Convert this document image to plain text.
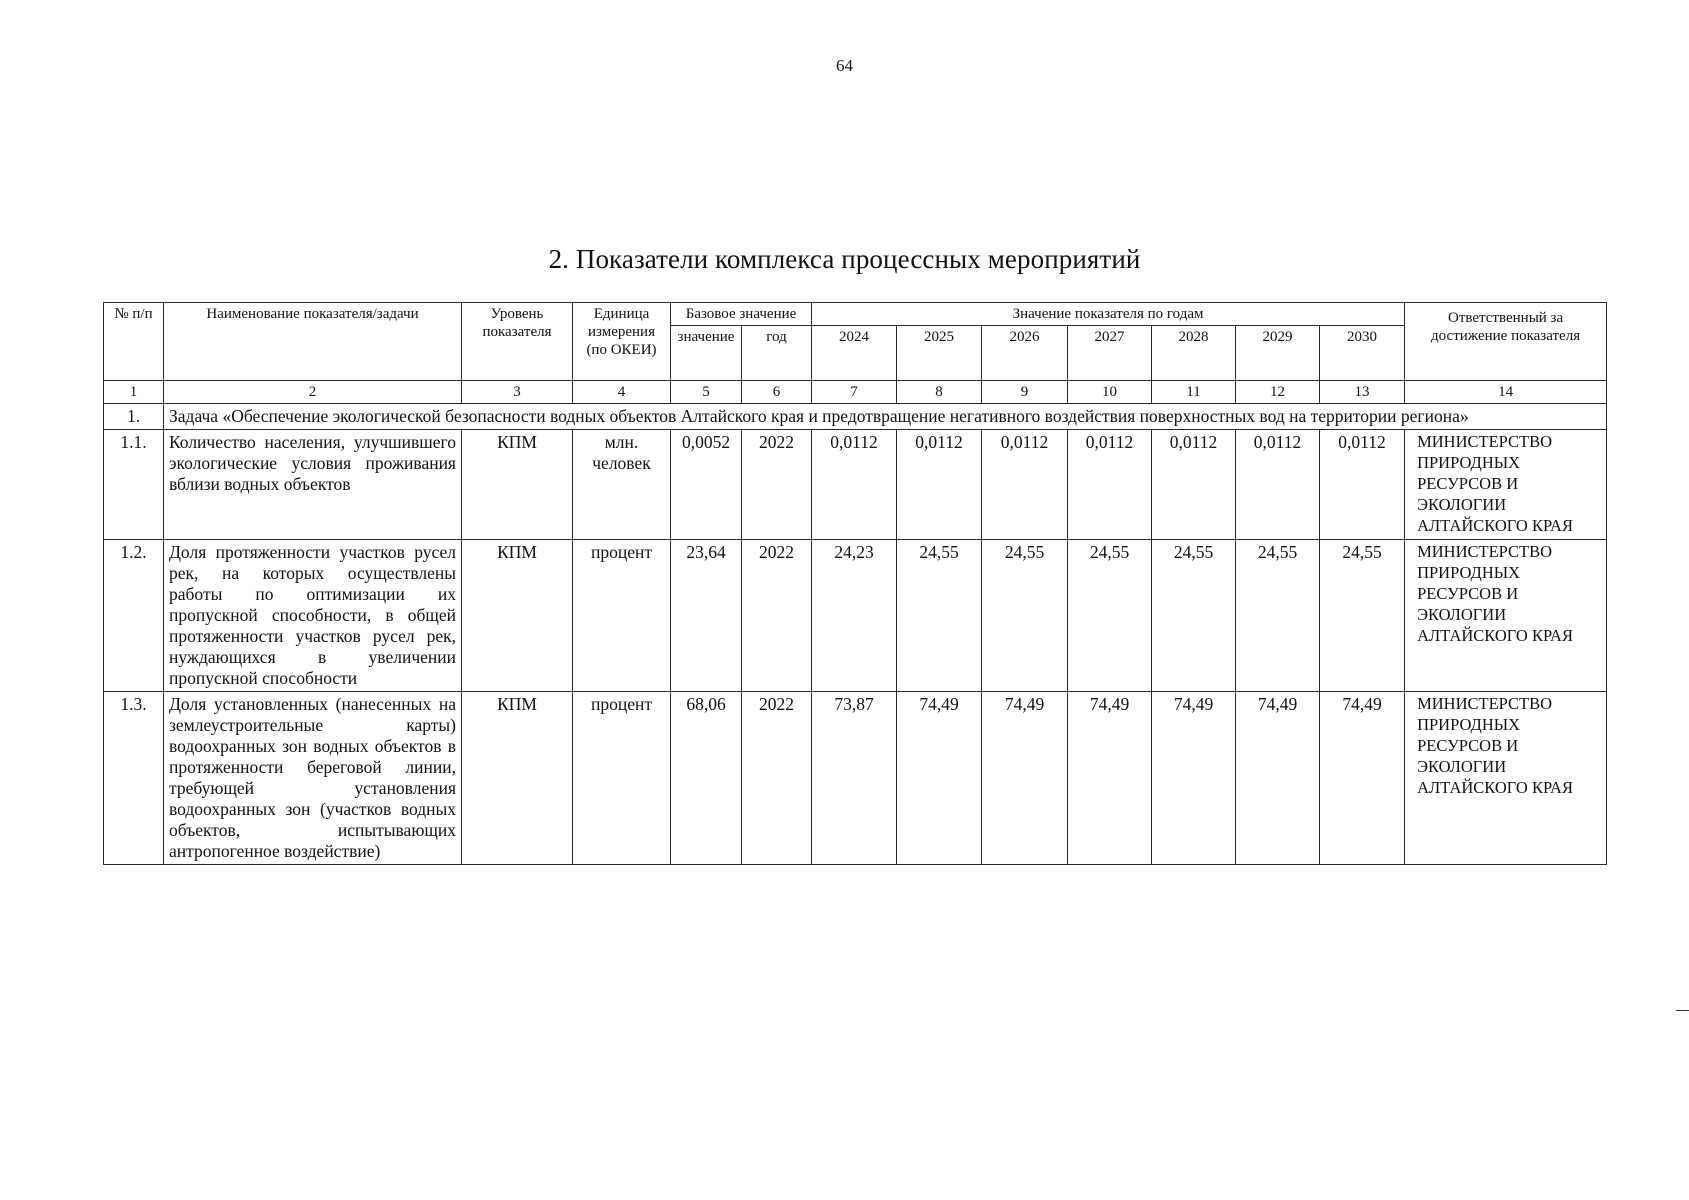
64
2. Показатели комплекса процессных мероприятий
№ п/п	Наименование показателя/задачи	Уровень показателя	Единица измерения (по ОКЕИ)	Базовое значение		Значение показателя по годам							Ответственный за достижение показателя
				значение	год	2024	2025	2026	2027	2028	2029	2030	
1	2	3	4	5	6	7	8	9	10	11	12	13	14
1.	Задача «Обеспечение экологической безопасности водных объектов Алтайского края и предотвращение негативного воздействия поверхностных вод на территории региона»												
1.1.	Количество населения, улучшившего экологические условия проживания вблизи водных объектов	КПМ	млн. человек	0,0052	2022	0,0112	0,0112	0,0112	0,0112	0,0112	0,0112	0,0112	МИНИСТЕРСТВО ПРИРОДНЫХ РЕСУРСОВ И ЭКОЛОГИИ АЛТАЙСКОГО КРАЯ
1.2.	Доля протяженности участков русел рек, на которых осуществлены работы по оптимизации их пропускной способности, в общей протяженности участков русел рек, нуждающихся в увеличении пропускной способности	КПМ	процент	23,64	2022	24,23	24,55	24,55	24,55	24,55	24,55	24,55	МИНИСТЕРСТВО ПРИРОДНЫХ РЕСУРСОВ И ЭКОЛОГИИ АЛТАЙСКОГО КРАЯ
1.3.	Доля установленных (нанесенных на землеустроительные карты) водоохранных зон водных объектов в протяженности береговой линии, требующей установления водоохранных зон (участков водных объектов, испытывающих антропогенное воздействие)	КПМ	процент	68,06	2022	73,87	74,49	74,49	74,49	74,49	74,49	74,49	МИНИСТЕРСТВО ПРИРОДНЫХ РЕСУРСОВ И ЭКОЛОГИИ АЛТАЙСКОГО КРАЯ
